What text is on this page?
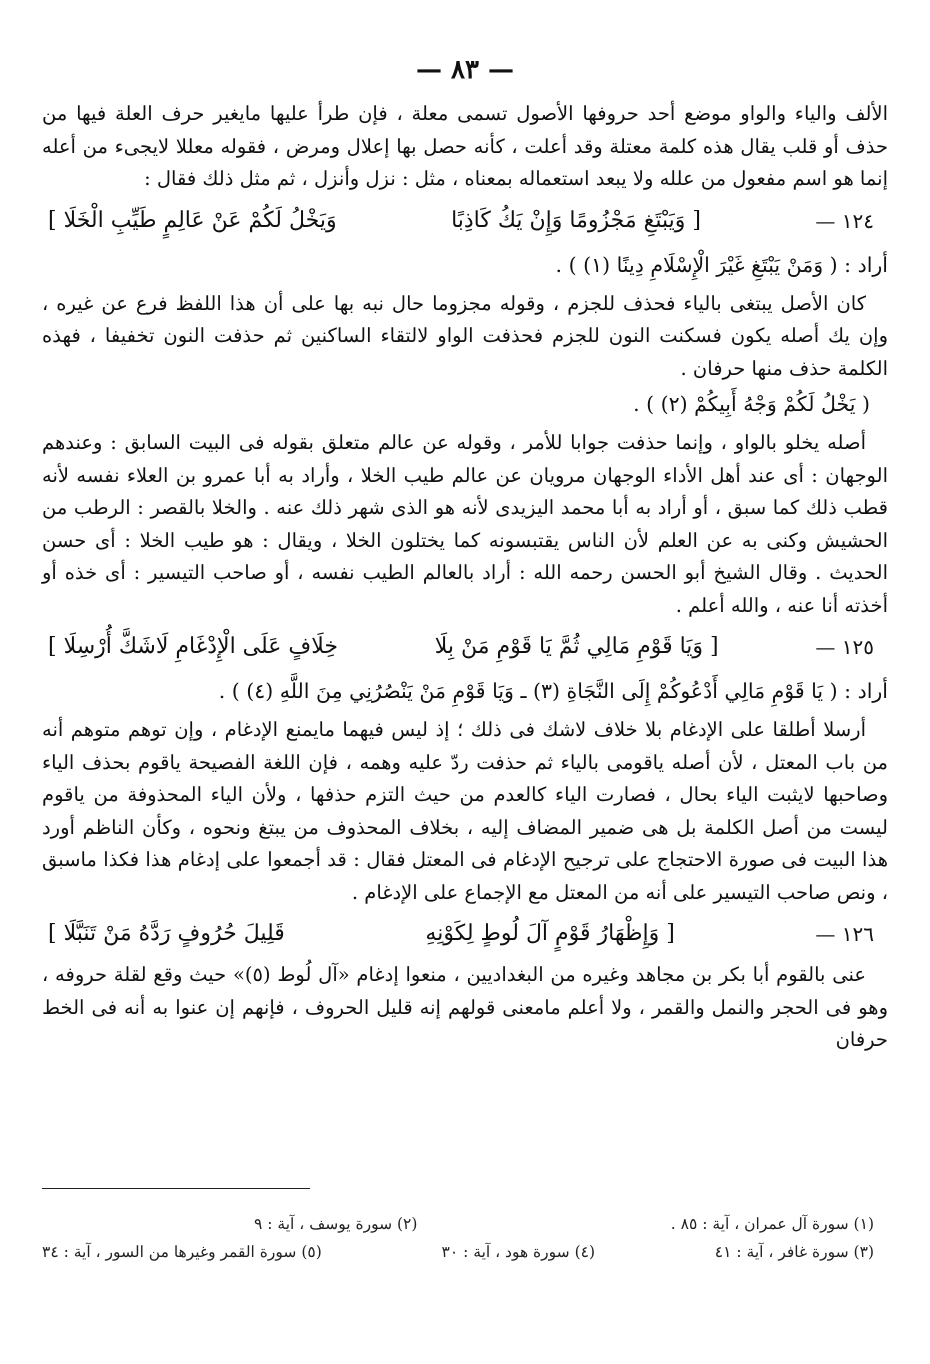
— ٨٣ —

الألف والياء والواو موضع أحد حروفها الأصول تسمى معلة ، فإن طرأ عليها مايغير حرف العلة فيها من حذف أو قلب يقال هذه كلمة معتلة وقد أعلت ، كأنه حصل بها إعلال ومرض ، فقوله معللا لايجىء من أعله إنما هو اسم مفعول من علله ولا يبعد استعماله بمعناه ، مثل : نزل وأنزل ، ثم مثل ذلك فقال :

١٢٤ —
[ وَيَبْتَغِ مَجْزُومًا وَإِنْ يَكُ كَاذِبًا
وَيَخْلُ لَكُمْ عَنْ عَالِمٍ طَيِّبِ الْخَلَا ]
أراد : ( وَمَنْ يَبْتَغِ غَيْرَ الْإِسْلَامِ دِينًا (١) ) .

كان الأصل يبتغى بالياء فحذف للجزم ، وقوله مجزوما حال نبه بها على أن هذا اللفظ فرع عن غيره ، وإن يك أصله يكون فسكنت النون للجزم فحذفت الواو لالتقاء الساكنين ثم حذفت النون تخفيفا ، فهذه الكلمة حذف منها حرفان .

( يَخْلُ لَكُمْ وَجْهُ أَبِيكُمْ (٢) ) .

أصله يخلو بالواو ، وإنما حذفت جوابا للأمر ، وقوله عن عالم متعلق بقوله فى البيت السابق : وعندهم الوجهان : أى عند أهل الأداء الوجهان مرويان عن عالم طيب الخلا ، وأراد به أبا عمرو بن العلاء نفسه لأنه قطب ذلك كما سبق ، أو أراد به أبا محمد اليزيدى لأنه هو الذى شهر ذلك عنه . والخلا بالقصر : الرطب من الحشيش وكنى به عن العلم لأن الناس يقتبسونه كما يختلون الخلا ، ويقال : هو طيب الخلا : أى حسن الحديث . وقال الشيخ أبو الحسن رحمه الله : أراد بالعالم الطيب نفسه ، أو صاحب التيسير : أى خذه أو أخذته أنا عنه ، والله أعلم .

١٢٥ —
[ وَيَا قَوْمِ مَالِي ثُمَّ يَا قَوْمِ مَنْ بِلَا
خِلَافٍ عَلَى الْإِدْغَامِ لَاشَكَّ أُرْسِلَا ]
أراد : ( يَا قَوْمِ مَالِي أَدْعُوكُمْ إِلَى النَّجَاةِ (٣) ـ وَيَا قَوْمِ مَنْ يَنْصُرُنِي مِنَ اللَّهِ (٤) ) .

أرسلا أطلقا على الإدغام بلا خلاف لاشك فى ذلك ؛ إذ ليس فيهما مايمنع الإدغام ، وإن توهم متوهم أنه من باب المعتل ، لأن أصله ياقومى بالياء ثم حذفت ردّ عليه وهمه ، فإن اللغة الفصيحة ياقوم بحذف الياء وصاحبها لايثبت الياء بحال ، فصارت الياء كالعدم من حيث التزم حذفها ، ولأن الياء المحذوفة من ياقوم ليست من أصل الكلمة بل هى ضمير المضاف إليه ، بخلاف المحذوف من يبتغ ونحوه ، وكأن الناظم أورد هذا البيت فى صورة الاحتجاج على ترجيح الإدغام فى المعتل فقال : قد أجمعوا على إدغام هذا فكذا ماسبق ، ونص صاحب التيسير على أنه من المعتل مع الإجماع على الإدغام .

١٢٦ —
[ وَإِظْهَارُ قَوْمٍ آلَ لُوطٍ لِكَوْنِهِ
قَلِيلَ حُرُوفٍ رَدَّهُ مَنْ تَنَبَّلَا ]

عنى بالقوم أبا بكر بن مجاهد وغيره من البغداديين ، منعوا إدغام «آل لُوط (٥)» حيث وقع لقلة حروفه ، وهو فى الحجر والنمل والقمر ، ولا أعلم مامعنى قولهم إنه قليل الحروف ، فإنهم إن عنوا به أنه فى الخط حرفان

(١) سورة آل عمران ، آية : ٨٥ .
(٢) سورة يوسف ، آية : ٩
(٣) سورة غافر ، آية : ٤١
(٤) سورة هود ، آية : ٣٠
(٥) سورة القمر وغيرها من السور ، آية : ٣٤
